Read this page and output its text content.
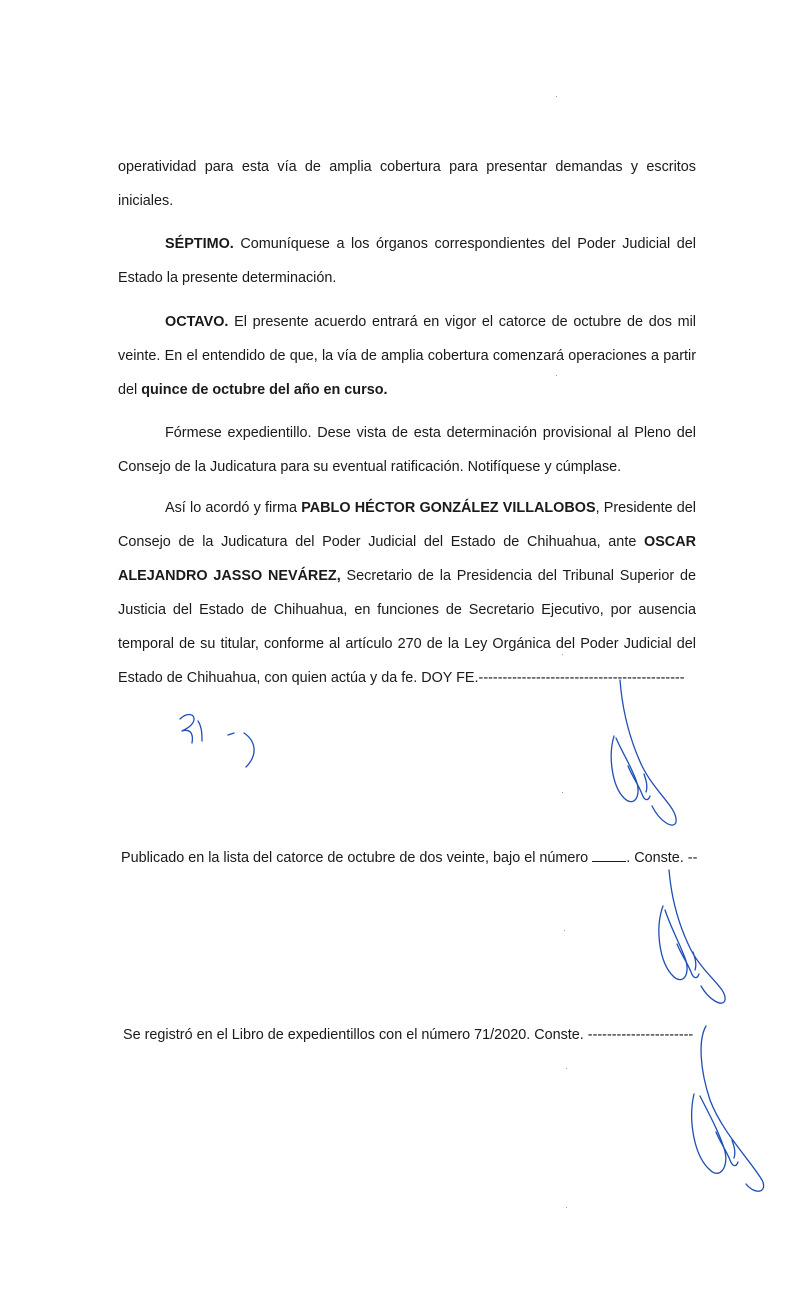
operatividad para esta vía de amplia cobertura para presentar demandas y escritos iniciales.

SÉPTIMO. Comuníquese a los órganos correspondientes del Poder Judicial del Estado la presente determinación.

OCTAVO. El presente acuerdo entrará en vigor el catorce de octubre de dos mil veinte. En el entendido de que, la vía de amplia cobertura comenzará operaciones a partir del quince de octubre del año en curso.

Fórmese expedientillo. Dese vista de esta determinación provisional al Pleno del Consejo de la Judicatura para su eventual ratificación. Notifíquese y cúmplase.

Así lo acordó y firma PABLO HÉCTOR GONZÁLEZ VILLALOBOS, Presidente del Consejo de la Judicatura del Poder Judicial del Estado de Chihuahua, ante OSCAR ALEJANDRO JASSO NEVÁREZ, Secretario de la Presidencia del Tribunal Superior de Justicia del Estado de Chihuahua, en funciones de Secretario Ejecutivo, por ausencia temporal de su titular, conforme al artículo 270 de la Ley Orgánica del Poder Judicial del Estado de Chihuahua, con quien actúa y da fe. DOY FE.-------------------------------------------

Publicado en la lista del catorce de octubre de dos veinte, bajo el número . Conste. --

Se registró en el Libro de expedientillos con el número 71/2020. Conste. ----------------------
